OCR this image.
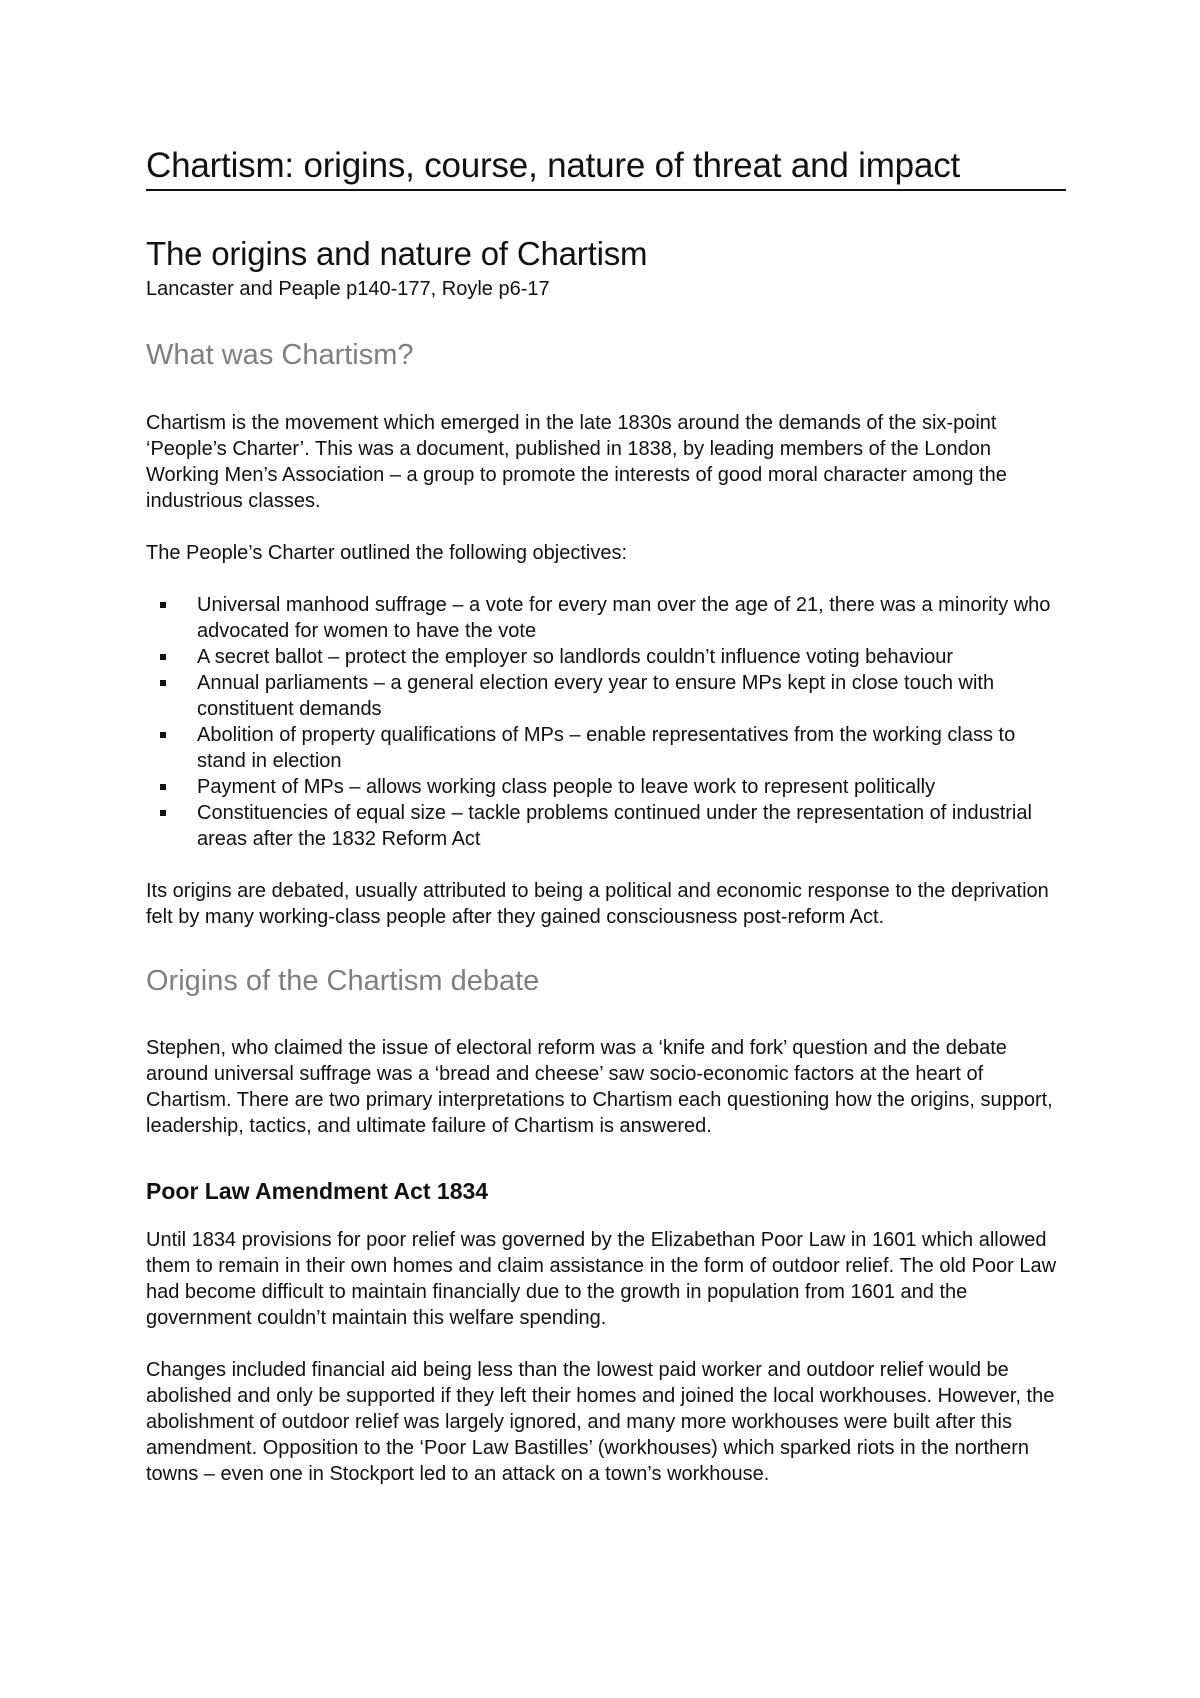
Chartism: origins, course, nature of threat and impact
The origins and nature of Chartism

Lancaster and Peaple p140-177, Royle p6-17

What was Chartism?

Chartism is the movement which emerged in the late 1830s around the demands of the six-point ‘People’s Charter’. This was a document, published in 1838, by leading members of the London Working Men’s Association – a group to promote the interests of good moral character among the industrious classes.

The People’s Charter outlined the following objectives:

Universal manhood suffrage – a vote for every man over the age of 21, there was a minority who advocated for women to have the vote
A secret ballot – protect the employer so landlords couldn’t influence voting behaviour
Annual parliaments – a general election every year to ensure MPs kept in close touch with constituent demands
Abolition of property qualifications of MPs – enable representatives from the working class to stand in election
Payment of MPs – allows working class people to leave work to represent politically
Constituencies of equal size – tackle problems continued under the representation of industrial areas after the 1832 Reform Act

Its origins are debated, usually attributed to being a political and economic response to the deprivation felt by many working-class people after they gained consciousness post-reform Act.

Origins of the Chartism debate

Stephen, who claimed the issue of electoral reform was a ‘knife and fork’ question and the debate around universal suffrage was a ‘bread and cheese’ saw socio-economic factors at the heart of Chartism. There are two primary interpretations to Chartism each questioning how the origins, support, leadership, tactics, and ultimate failure of Chartism is answered.

Poor Law Amendment Act 1834

Until 1834 provisions for poor relief was governed by the Elizabethan Poor Law in 1601 which allowed them to remain in their own homes and claim assistance in the form of outdoor relief. The old Poor Law had become difficult to maintain financially due to the growth in population from 1601 and the government couldn’t maintain this welfare spending.

Changes included financial aid being less than the lowest paid worker and outdoor relief would be abolished and only be supported if they left their homes and joined the local workhouses. However, the abolishment of outdoor relief was largely ignored, and many more workhouses were built after this amendment. Opposition to the ‘Poor Law Bastilles’ (workhouses) which sparked riots in the northern towns – even one in Stockport led to an attack on a town’s workhouse.
